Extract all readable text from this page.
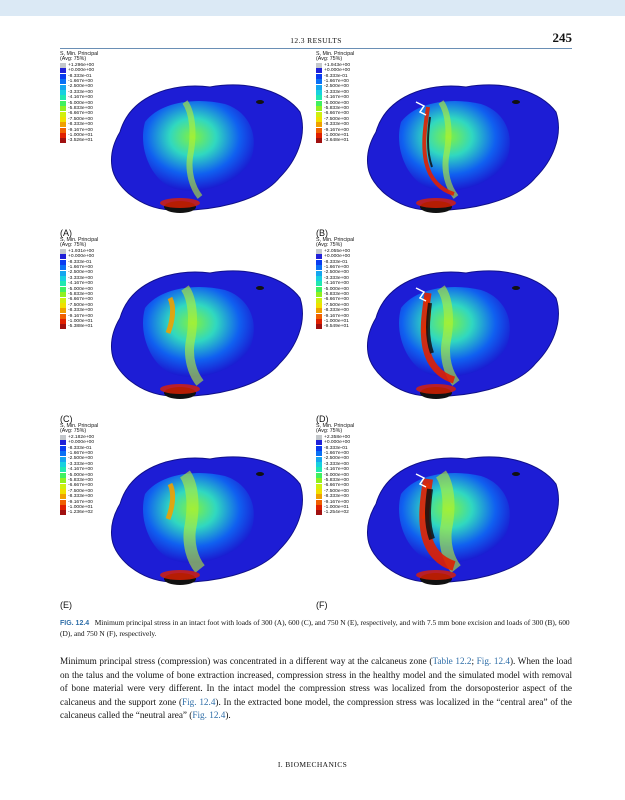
12.3 RESULTS	245
S, Min. Principal
(Avg: 75%)
+1.296e+00
+0.000e+00
-8.333e-01
-1.667e+00
-2.500e+00
-3.333e+00
-4.167e+00
-5.000e+00
-5.833e+00
-6.667e+00
-7.500e+00
-8.333e+00
-9.167e+00
-1.000e+01
-3.526e+01
(A)
S, Min. Principal
(Avg: 75%)
+1.943e+00
+0.000e+00
-8.333e-01
-1.667e+00
-2.500e+00
-3.333e+00
-4.167e+00
-5.000e+00
-5.833e+00
-6.667e+00
-7.500e+00
-8.333e+00
-9.167e+00
-1.000e+01
-3.648e+01
(B)
S, Min. Principal
(Avg: 75%)
+1.931e+00
+0.000e+00
-8.333e-01
-1.667e+00
-2.500e+00
-3.333e+00
-4.167e+00
-5.000e+00
-5.833e+00
-6.667e+00
-7.500e+00
-8.333e+00
-9.167e+00
-1.000e+01
-5.388e+01
(C)
S, Min. Principal
(Avg: 75%)
+2.055e+00
+0.000e+00
-8.333e-01
-1.667e+00
-2.500e+00
-3.333e+00
-4.167e+00
-5.000e+00
-5.833e+00
-6.667e+00
-7.500e+00
-8.333e+00
-9.167e+00
-1.000e+01
-9.549e+01
(D)
S, Min. Principal
(Avg: 75%)
+2.182e+00
+0.000e+00
-8.333e-01
-1.667e+00
-2.500e+00
-3.333e+00
-4.167e+00
-5.000e+00
-5.833e+00
-6.667e+00
-7.500e+00
-8.333e+00
-9.167e+00
-1.000e+01
-1.236e+02
(E)
S, Min. Principal
(Avg: 75%)
+2.358e+00
+0.000e+00
-8.333e-01
-1.667e+00
-2.500e+00
-3.333e+00
-4.167e+00
-5.000e+00
-5.833e+00
-6.667e+00
-7.500e+00
-8.333e+00
-9.167e+00
-1.000e+01
-1.254e+02
(F)
FIG. 12.4 Minimum principal stress in an intact foot with loads of 300 (A), 600 (C), and 750 N (E), respectively, and with 7.5 mm bone excision and loads of 300 (B), 600 (D), and 750 N (F), respectively.
Minimum principal stress (compression) was concentrated in a different way at the calcaneus zone (Table 12.2; Fig. 12.4). When the load on the talus and the volume of bone extraction increased, compression stress in the healthy model and the simulated model with removal of bone material were very different. In the intact model the compression stress was localized from the dorsoposterior aspect of the calcaneus and the support zone (Fig. 12.4). In the extracted bone model, the compression stress was localized in the “central area” of the calcaneus called the “neutral area” (Fig. 12.4).
I. BIOMECHANICS
